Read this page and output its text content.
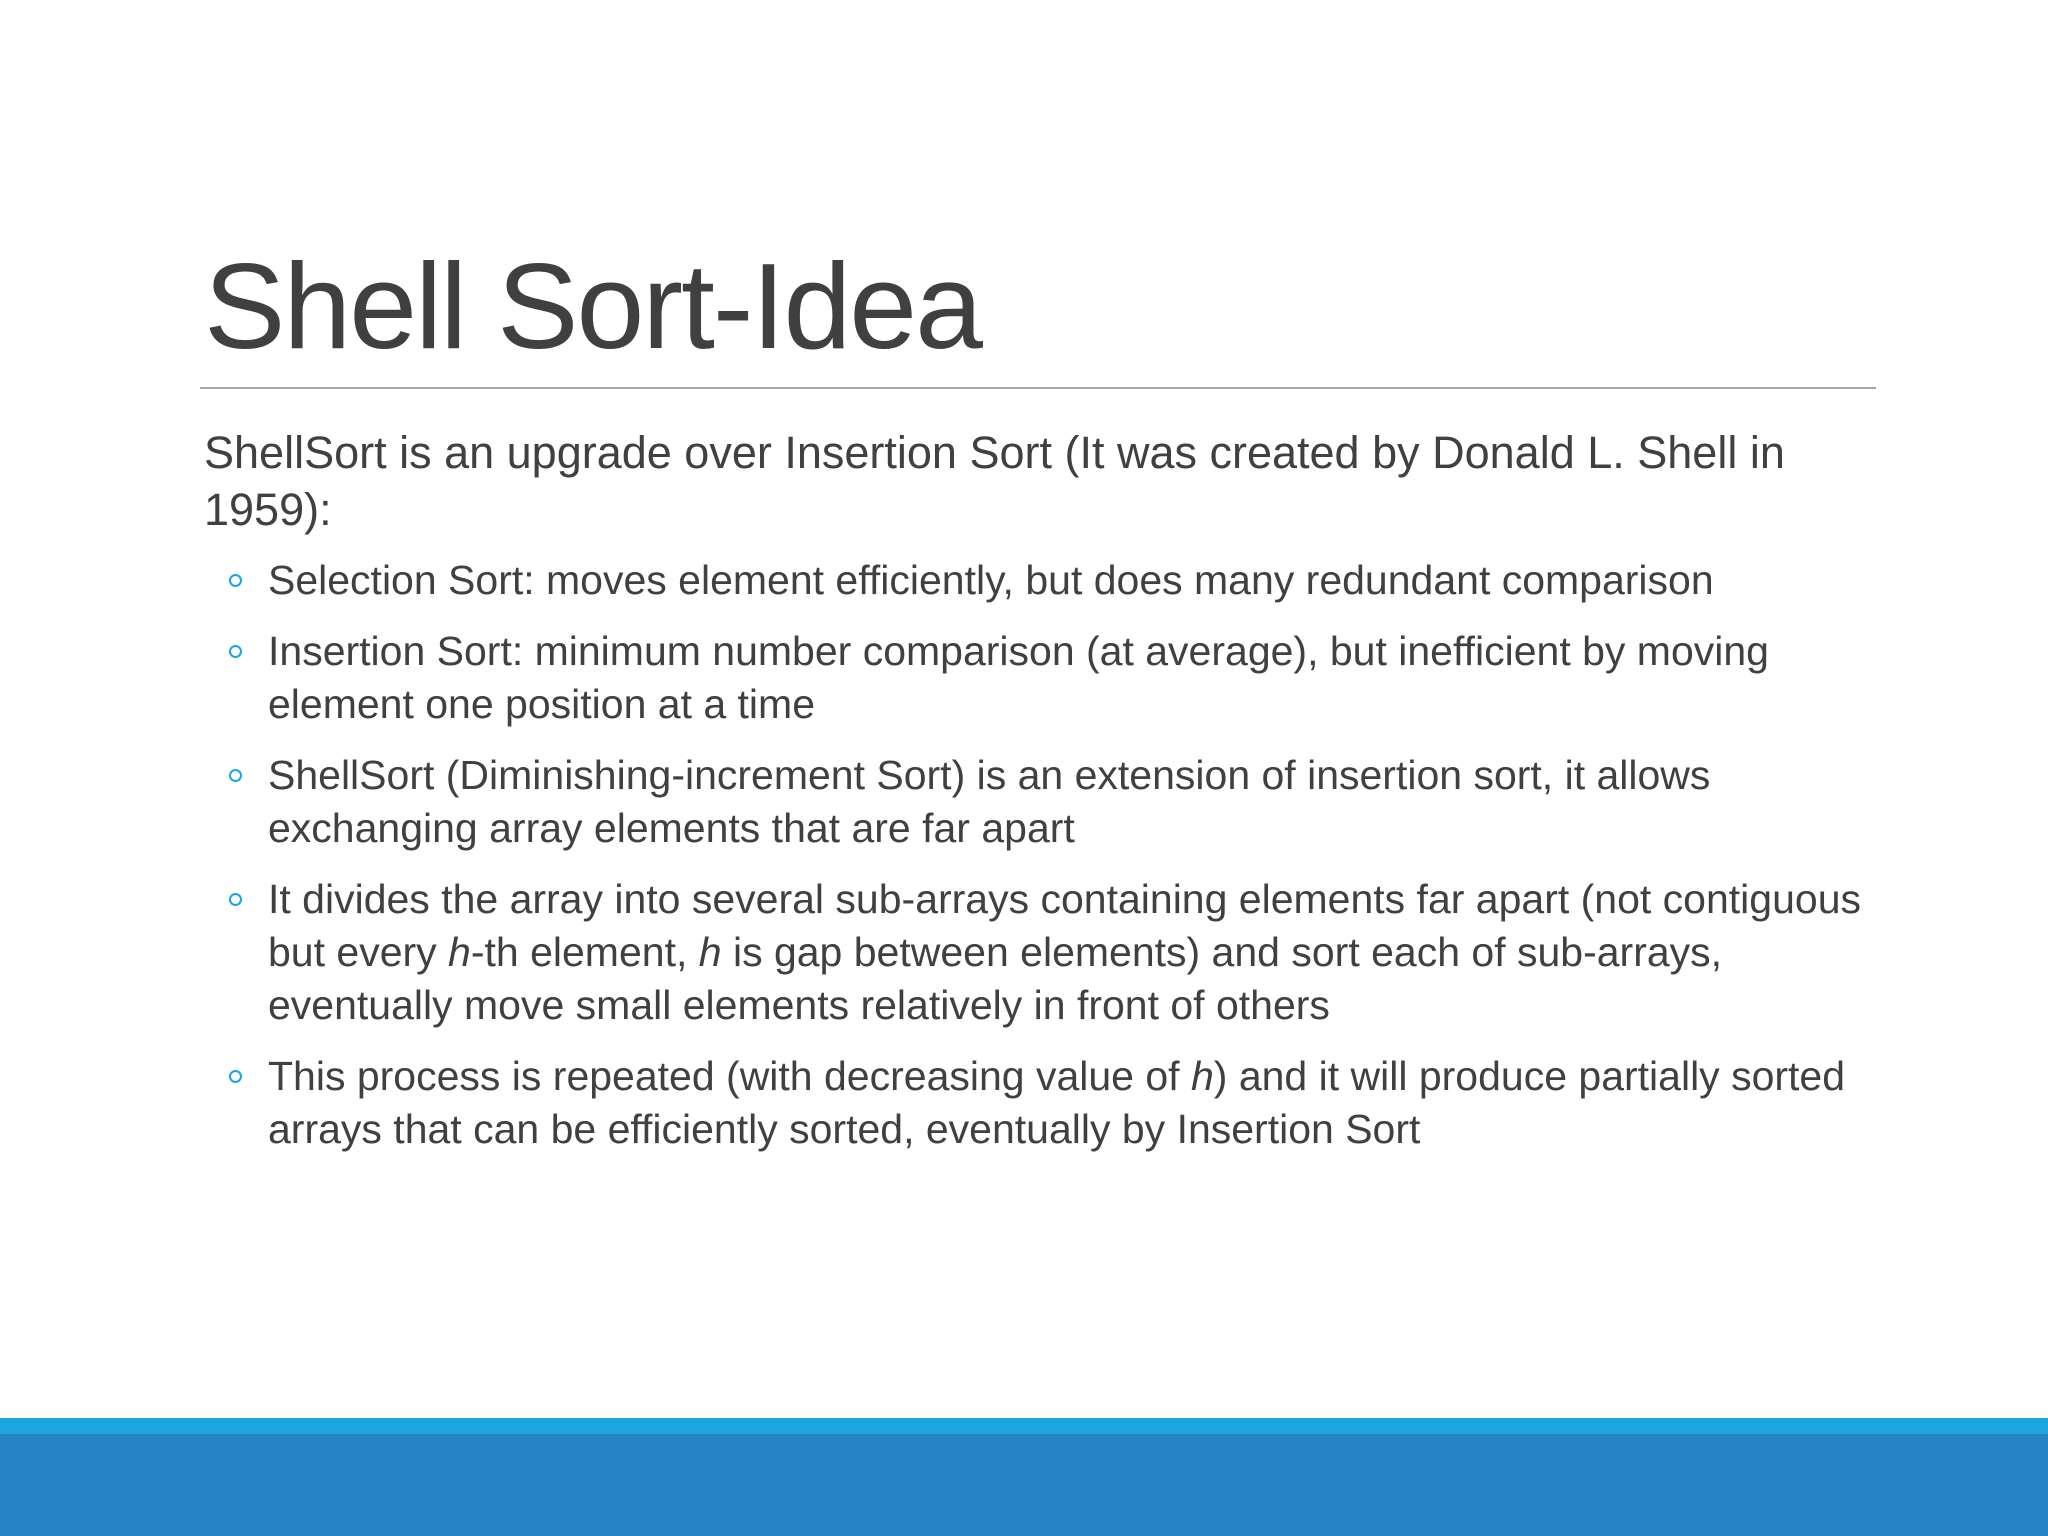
Shell Sort-Idea

ShellSort is an upgrade over Insertion Sort (It was created by Donald L. Shell in 1959):

Selection Sort: moves element efficiently, but does many redundant comparison
Insertion Sort: minimum number comparison (at average), but inefficient by moving element one position at a time
ShellSort (Diminishing-increment Sort) is an extension of insertion sort, it allows exchanging array elements that are far apart
It divides the array into several sub-arrays containing elements far apart (not contiguous but every h-th element, h is gap between elements) and sort each of sub-arrays, eventually move small elements relatively in front of others
This process is repeated (with decreasing value of h) and it will produce partially sorted arrays that can be efficiently sorted, eventually by Insertion Sort
